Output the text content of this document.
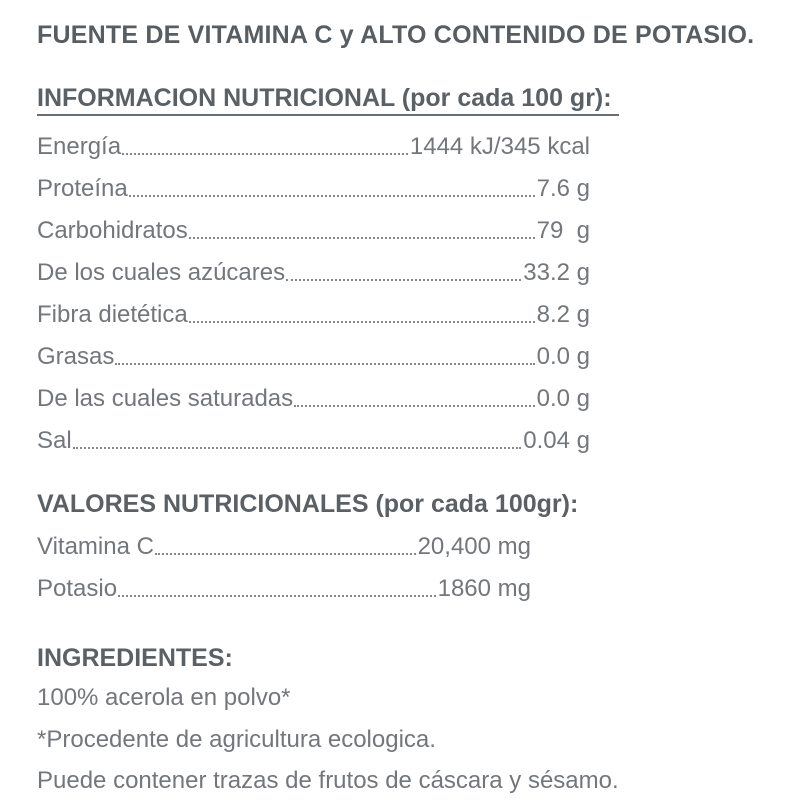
FUENTE DE VITAMINA C y ALTO CONTENIDO DE POTASIO.
INFORMACION NUTRICIONAL (por cada 100 gr):
Energía	1444 kJ/345 kcal
Proteína	7.6 g
Carbohidratos	79  g
De los cuales azúcares	33.2 g
Fibra dietética	8.2 g
Grasas	0.0 g
De las cuales saturadas	0.0 g
Sal	0.04 g
VALORES NUTRICIONALES (por cada 100gr):
Vitamina C	20,400 mg
Potasio	1860 mg
INGREDIENTES:
100% acerola en polvo*
*Procedente de agricultura ecologica.
Puede contener trazas de frutos de cáscara y sésamo.
